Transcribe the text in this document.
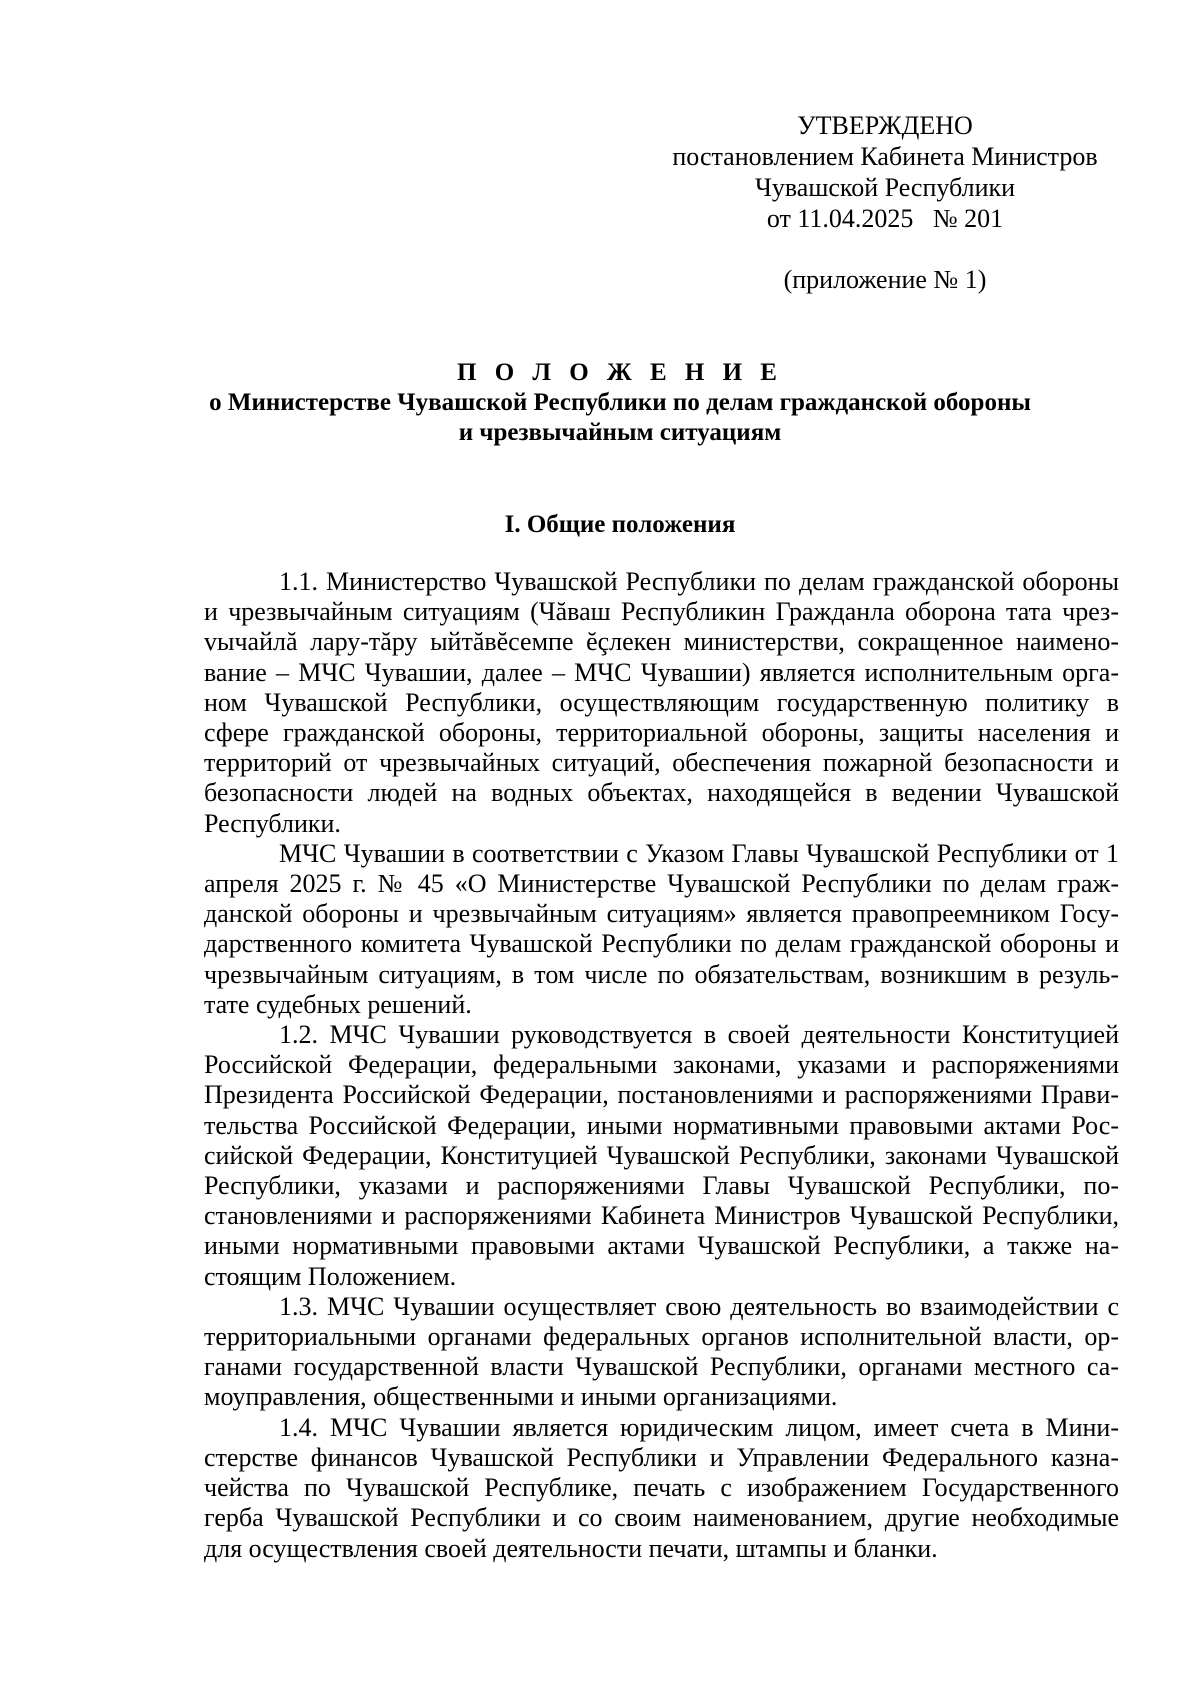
УТВЕРЖДЕНО
постановлением Кабинета Министров
Чувашской Республики
от 11.04.2025   № 201
(приложение № 1)
П О Л О Ж Е Н И Е
о Министерстве Чувашской Республики по делам гражданской обороны
и чрезвычайным ситуациям
I. Общие положения

1.1. Министерство Чувашской Республики по делам гражданской обороны и чрезвычайным ситуациям (Чăваш Республикин Гражданла оборона тата чрезvычайлă лару-тăру ыйтăвĕсемпе ĕçлекен министерстви, сокращенное наименование – МЧС Чувашии, далее – МЧС Чувашии) является исполнительным органом Чувашской Республики, осуществляющим государственную политику в сфере гражданской обороны, территориальной обороны, защиты населения и территорий от чрезвычайных ситуаций, обеспечения пожарной безопасности и безопасности людей на водных объектах, находящейся в ведении Чувашской Республики.

МЧС Чувашии в соответствии с Указом Главы Чувашской Республики от 1 апреля 2025 г. № 45 «О Министерстве Чувашской Республики по делам гражданской обороны и чрезвычайным ситуациям» является правопреемником Государственного комитета Чувашской Республики по делам гражданской обороны и чрезвычайным ситуациям, в том числе по обязательствам, возникшим в результате судебных решений.

1.2. МЧС Чувашии руководствуется в своей деятельности Конституцией Российской Федерации, федеральными законами, указами и распоряжениями Президента Российской Федерации, постановлениями и распоряжениями Правительства Российской Федерации, иными нормативными правовыми актами Российской Федерации, Конституцией Чувашской Республики, законами Чувашской Республики, указами и распоряжениями Главы Чувашской Республики, постановлениями и распоряжениями Кабинета Министров Чувашской Республики, иными нормативными правовыми актами Чувашской Республики, а также настоящим Положением.

1.3. МЧС Чувашии осуществляет свою деятельность во взаимодействии с территориальными органами федеральных органов исполнительной власти, органами государственной власти Чувашской Республики, органами местного самоуправления, общественными и иными организациями.

1.4. МЧС Чувашии является юридическим лицом, имеет счета в Министерстве финансов Чувашской Республики и Управлении Федерального казначейства по Чувашской Республике, печать с изображением Государственного герба Чувашской Республики и со своим наименованием, другие необходимые для осуществления своей деятельности печати, штампы и бланки.
